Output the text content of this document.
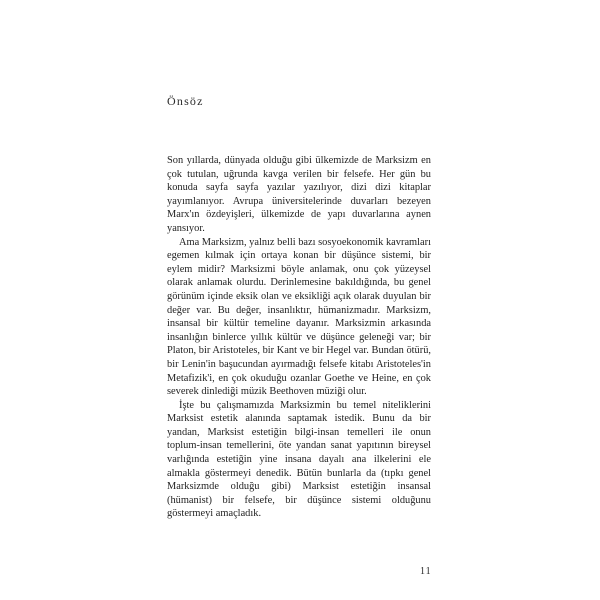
Önsöz

Son yıllarda, dünyada olduğu gibi ülkemizde de Marksizm en çok tutulan, uğrunda kavga verilen bir felsefe. Her gün bu konuda sayfa sayfa yazılar yazılıyor, dizi dizi kitaplar yayımlanıyor. Avrupa üniversitelerinde duvarları bezeyen Marx'ın özdeyişleri, ülkemizde de yapı duvarlarına aynen yansıyor.

Ama Marksizm, yalnız belli bazı sosyoekonomik kavramları egemen kılmak için ortaya konan bir düşünce sistemi, bir eylem midir? Marksizmi böyle anlamak, onu çok yüzeysel olarak anlamak olurdu. Derinlemesine bakıldığında, bu genel görünüm içinde eksik olan ve eksikliği açık olarak duyulan bir değer var. Bu değer, insanlıktır, hümanizmadır. Marksizm, insansal bir kültür temeline dayanır. Marksizmin arkasında insanlığın binlerce yıllık kültür ve düşünce geleneği var; bir Platon, bir Aristoteles, bir Kant ve bir Hegel var. Bundan ötürü, bir Lenin'in başucundan ayırmadığı felsefe kitabı Aristoteles'in Metafizik'i, en çok okuduğu ozanlar Goethe ve Heine, en çok severek dinlediği müzik Beethoven müziği olur.

İşte bu çalışmamızda Marksizmin bu temel niteliklerini Marksist estetik alanında saptamak istedik. Bunu da bir yandan, Marksist estetiğin bilgi-insan temelleri ile onun toplum-insan temellerini, öte yandan sanat yapıtının bireysel varlığında estetiğin yine insana dayalı ana ilkelerini ele almakla göstermeyi denedik. Bütün bunlarla da (tıpkı genel Marksizmde olduğu gibi) Marksist estetiğin insansal (hümanist) bir felsefe, bir düşünce sistemi olduğunu göstermeyi amaçladık.

11
